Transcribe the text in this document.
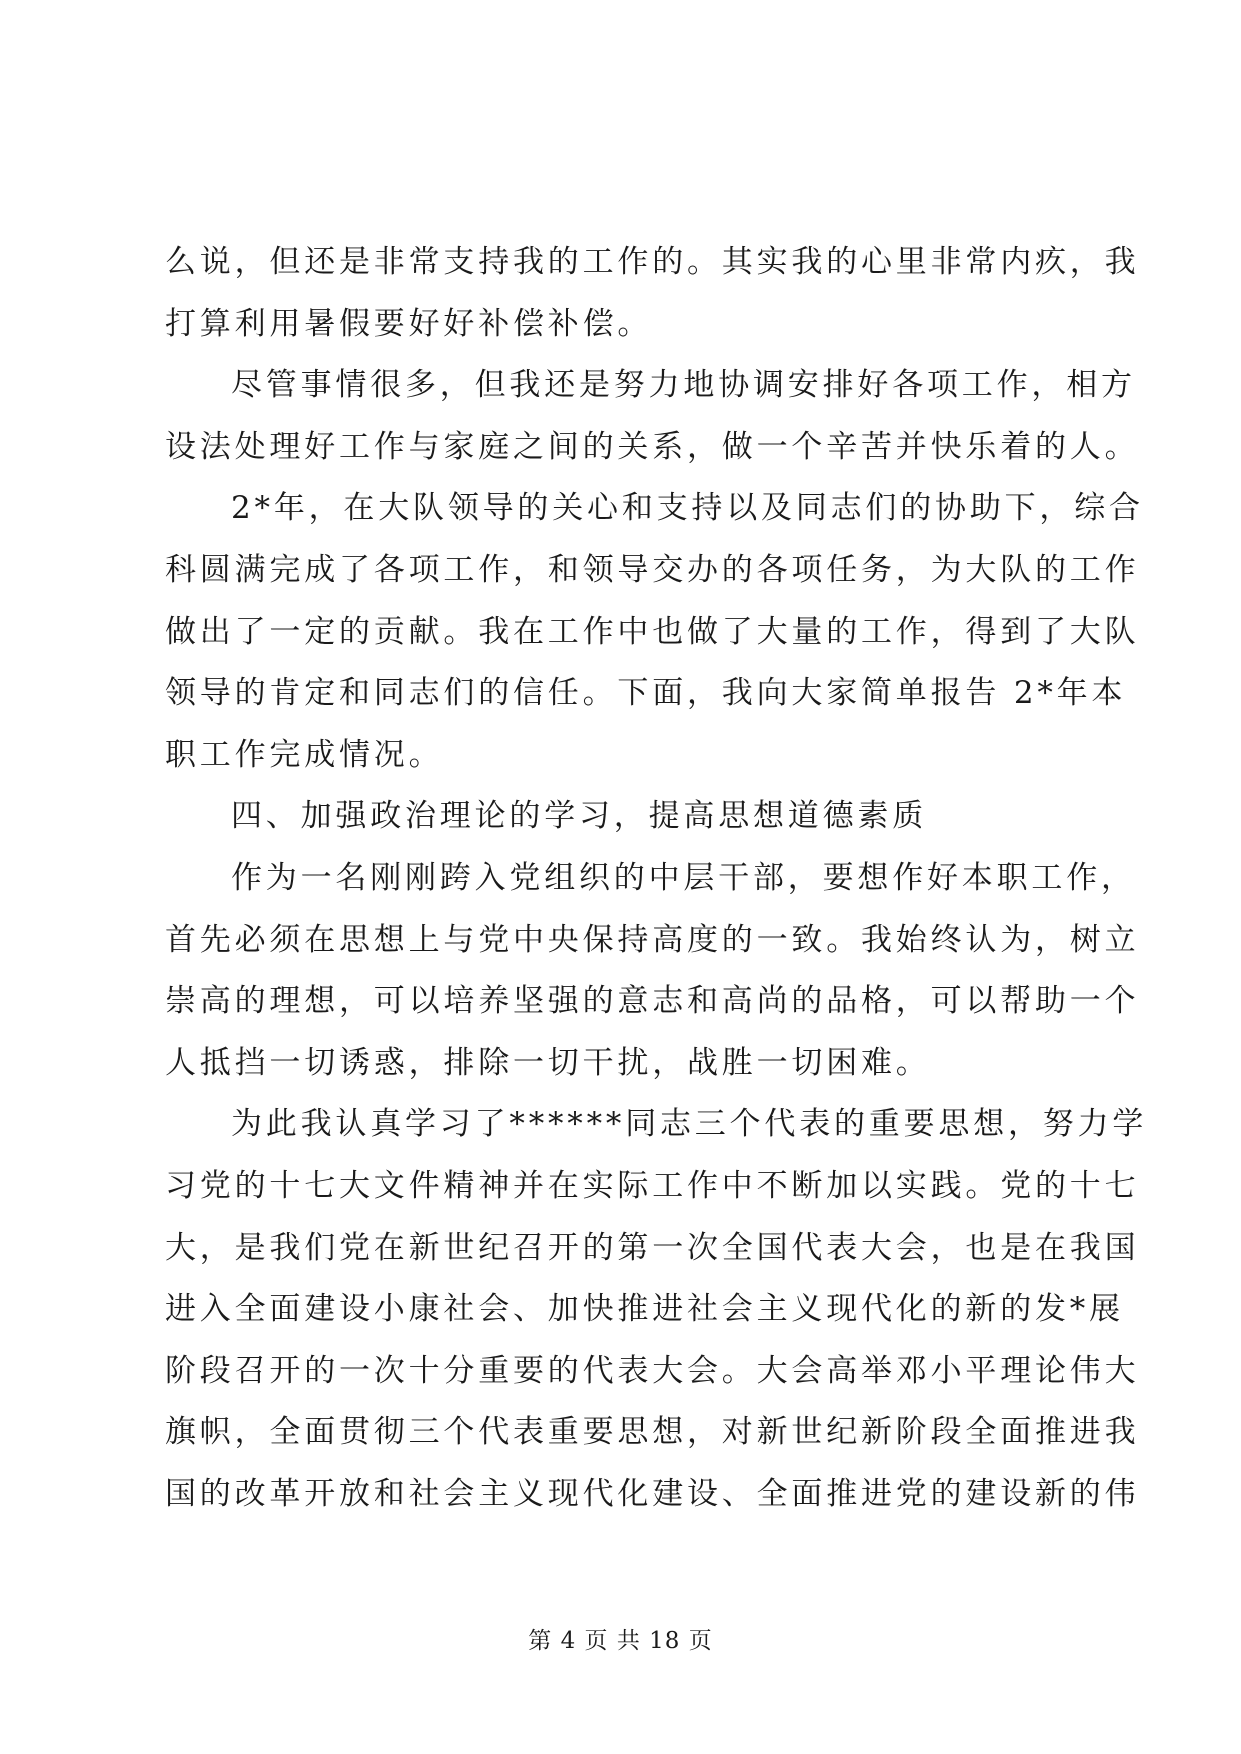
么说，但还是非常支持我的工作的。其实我的心里非常内疚，我
打算利用暑假要好好补偿补偿。
尽管事情很多，但我还是努力地协调安排好各项工作，相方
设法处理好工作与家庭之间的关系，做一个辛苦并快乐着的人。
2*年，在大队领导的关心和支持以及同志们的协助下，综合
科圆满完成了各项工作，和领导交办的各项任务，为大队的工作
做出了一定的贡献。我在工作中也做了大量的工作，得到了大队
领导的肯定和同志们的信任。下面，我向大家简单报告 2*年本
职工作完成情况。
四、加强政治理论的学习，提高思想道德素质
作为一名刚刚跨入党组织的中层干部，要想作好本职工作，
首先必须在思想上与党中央保持高度的一致。我始终认为，树立
崇高的理想，可以培养坚强的意志和高尚的品格，可以帮助一个
人抵挡一切诱惑，排除一切干扰，战胜一切困难。
为此我认真学习了******同志三个代表的重要思想，努力学
习党的十七大文件精神并在实际工作中不断加以实践。党的十七
大，是我们党在新世纪召开的第一次全国代表大会，也是在我国
进入全面建设小康社会、加快推进社会主义现代化的新的发*展
阶段召开的一次十分重要的代表大会。大会高举邓小平理论伟大
旗帜，全面贯彻三个代表重要思想，对新世纪新阶段全面推进我
国的改革开放和社会主义现代化建设、全面推进党的建设新的伟
第 4 页 共 18 页
